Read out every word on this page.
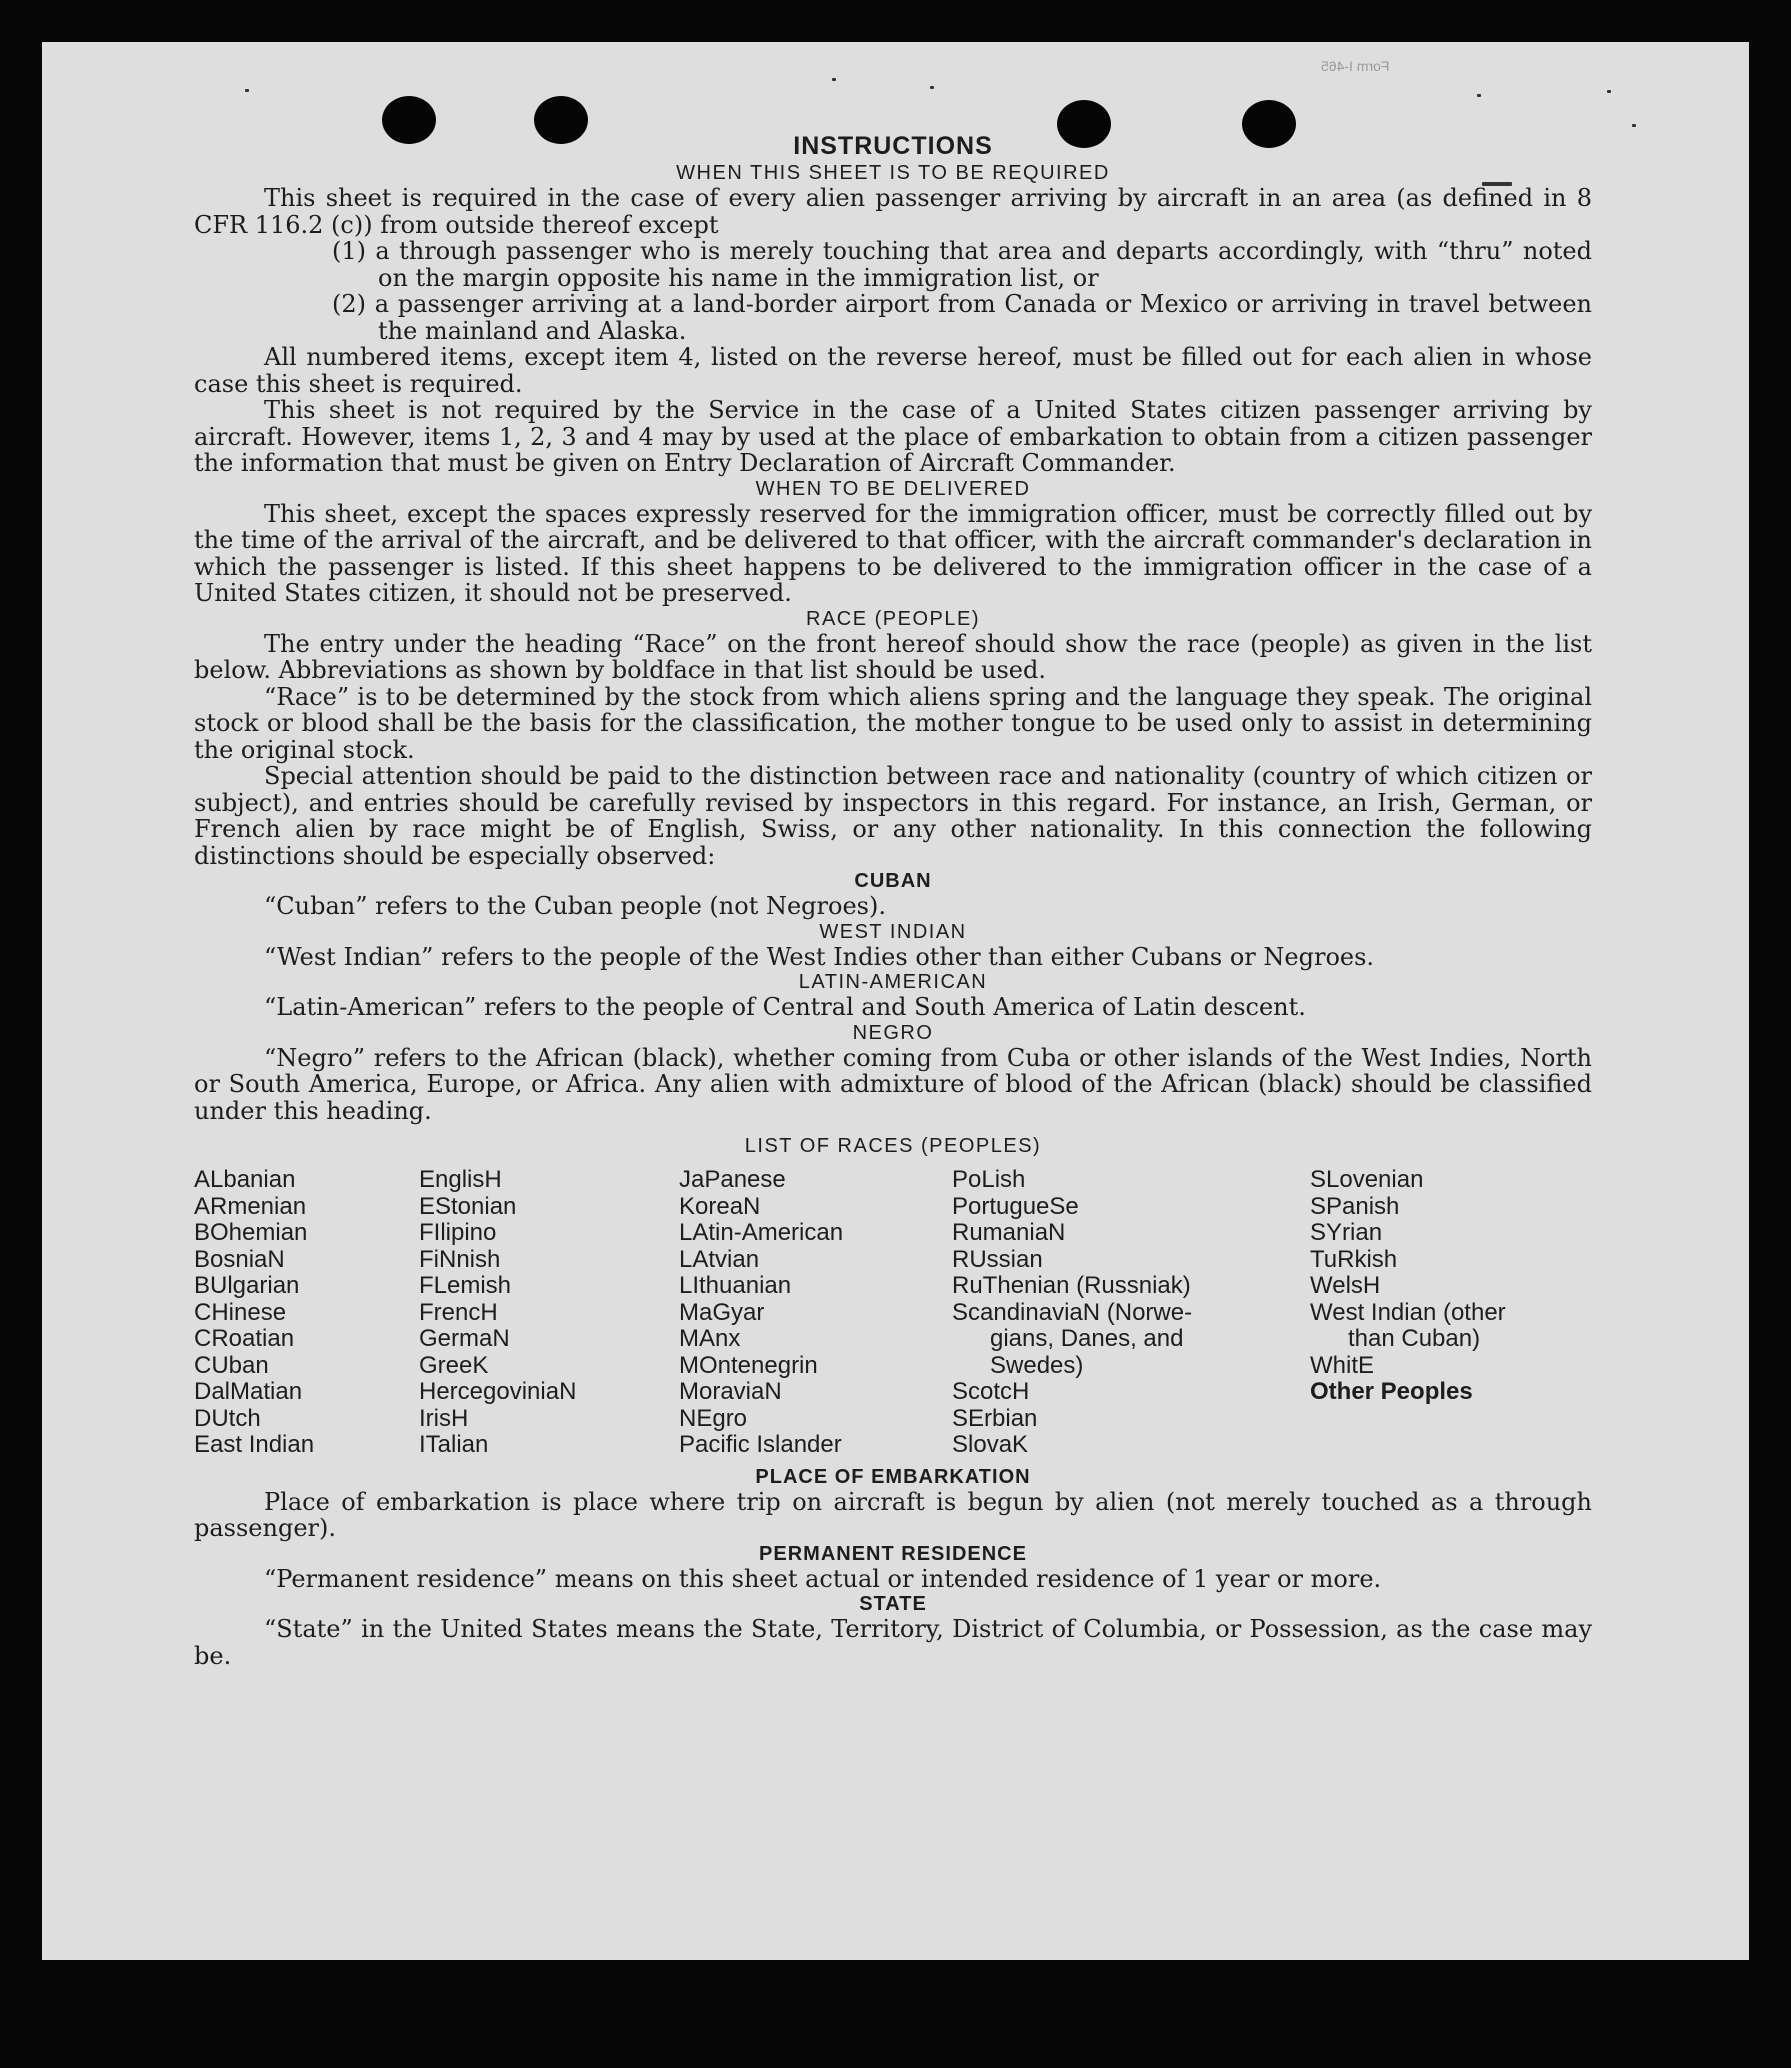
Form I-465

INSTRUCTIONS

WHEN THIS SHEET IS TO BE REQUIRED

This sheet is required in the case of every alien passenger arriving by aircraft in an area (as defined in 8 CFR 116.2 (c)) from outside thereof except

(1) a through passenger who is merely touching that area and departs accordingly, with “thru” noted on the margin opposite his name in the immigration list, or

(2) a passenger arriving at a land-border airport from Canada or Mexico or arriving in travel between the mainland and Alaska.

All numbered items, except item 4, listed on the reverse hereof, must be filled out for each alien in whose case this sheet is required.

This sheet is not required by the Service in the case of a United States citizen passenger arriving by aircraft. However, items 1, 2, 3 and 4 may by used at the place of embarkation to obtain from a citizen passenger the information that must be given on Entry Declaration of Aircraft Commander.

WHEN TO BE DELIVERED

This sheet, except the spaces expressly reserved for the immigration officer, must be correctly filled out by the time of the arrival of the aircraft, and be delivered to that officer, with the aircraft commander's declaration in which the passenger is listed. If this sheet happens to be delivered to the immigration officer in the case of a United States citizen, it should not be preserved.

RACE (PEOPLE)

The entry under the heading “Race” on the front hereof should show the race (people) as given in the list below. Abbreviations as shown by boldface in that list should be used.

“Race” is to be determined by the stock from which aliens spring and the language they speak. The original stock or blood shall be the basis for the classification, the mother tongue to be used only to assist in determining the original stock.

Special attention should be paid to the distinction between race and nationality (country of which citizen or subject), and entries should be carefully revised by inspectors in this regard. For instance, an Irish, German, or French alien by race might be of English, Swiss, or any other nationality. In this connection the following distinctions should be especially observed:

CUBAN

“Cuban” refers to the Cuban people (not Negroes).

WEST INDIAN

“West Indian” refers to the people of the West Indies other than either Cubans or Negroes.

LATIN-AMERICAN

“Latin-American” refers to the people of Central and South America of Latin descent.

NEGRO

“Negro” refers to the African (black), whether coming from Cuba or other islands of the West Indies, North or South America, Europe, or Africa. Any alien with admixture of blood of the African (black) should be classified under this heading.

LIST OF RACES (PEOPLES)

ALbanian
ARmenian
BOhemian
BosniaN
BUlgarian
CHinese
CRoatian
CUban
DalMatian
DUtch
East Indian
EnglisH
EStonian
FIlipino
FiNnish
FLemish
FrencH
GermaN
GreeK
HercegoviniaN
IrisH
ITalian
JaPanese
KoreaN
LAtin-American
LAtvian
LIthuanian
MaGyar
MAnx
MOntenegrin
MoraviaN
NEgro
Pacific Islander
PoLish
PortugueSe
RumaniaN
RUssian
RuThenian (Russniak)
ScandinaviaN (Norwe-
gians, Danes, and
Swedes)
ScotcH
SErbian
SlovaK
SLovenian
SPanish
SYrian
TuRkish
WelsH
West Indian (other
than Cuban)
WhitE
Other Peoples

PLACE OF EMBARKATION

Place of embarkation is place where trip on aircraft is begun by alien (not merely touched as a through passenger).

PERMANENT RESIDENCE

“Permanent residence” means on this sheet actual or intended residence of 1 year or more.

STATE

“State” in the United States means the State, Territory, District of Columbia, or Possession, as the case may be.
